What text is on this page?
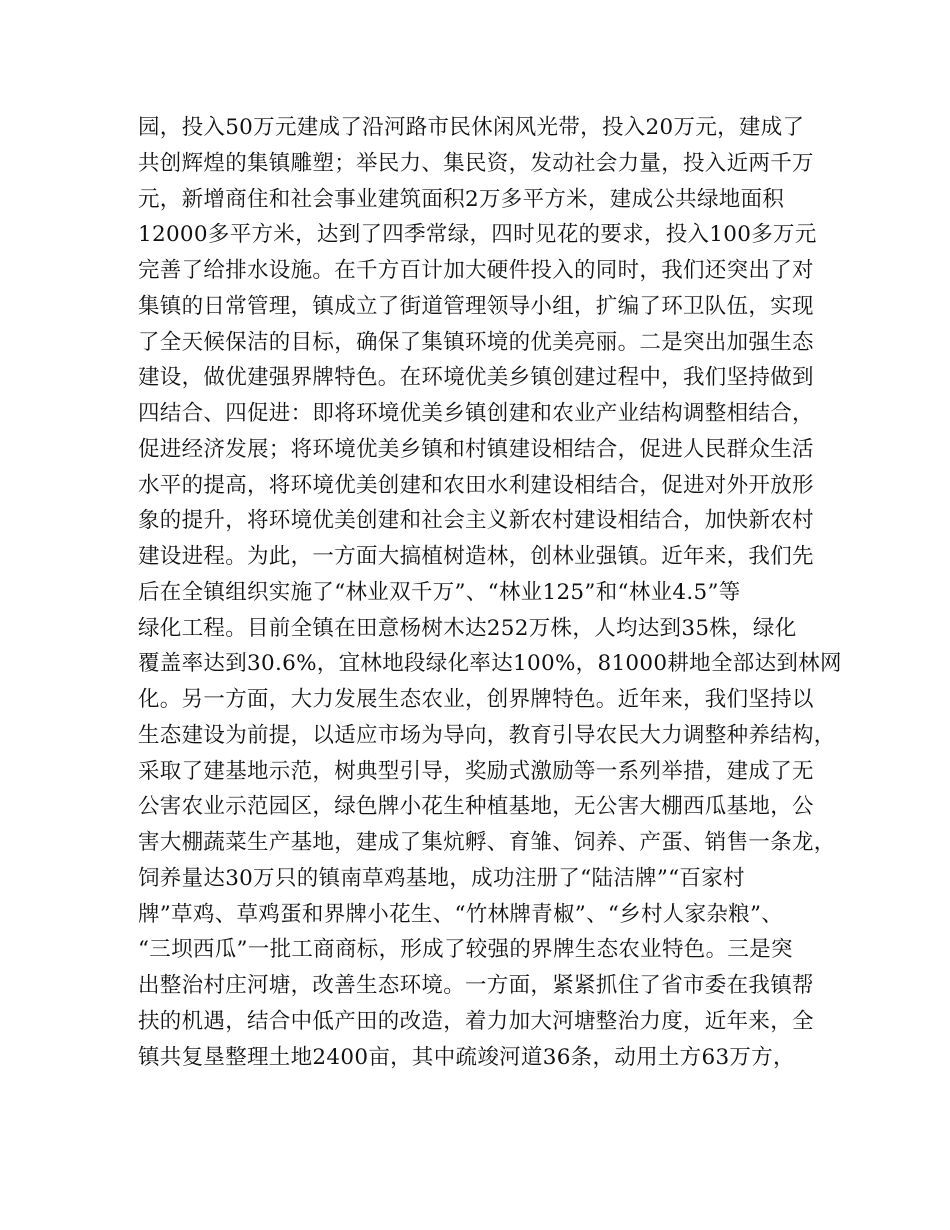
园，投入50万元建成了沿河路市民休闲风光带，投入20万元，建成了
共创辉煌的集镇雕塑；举民力、集民资，发动社会力量，投入近两千万
元，新增商住和社会事业建筑面积2万多平方米，建成公共绿地面积
12000多平方米，达到了四季常绿，四时见花的要求，投入100多万元
完善了给排水设施。在千方百计加大硬件投入的同时，我们还突出了对
集镇的日常管理，镇成立了街道管理领导小组，扩编了环卫队伍，实现
了全天候保洁的目标，确保了集镇环境的优美亮丽。二是突出加强生态
建设，做优建强界牌特色。在环境优美乡镇创建过程中，我们坚持做到
四结合、四促进：即将环境优美乡镇创建和农业产业结构调整相结合，
促进经济发展；将环境优美乡镇和村镇建设相结合，促进人民群众生活
水平的提高，将环境优美创建和农田水利建设相结合，促进对外开放形
象的提升，将环境优美创建和社会主义新农村建设相结合，加快新农村
建设进程。为此，一方面大搞植树造林，创林业强镇。近年来，我们先
后在全镇组织实施了“林业双千万”、“林业125”和“林业4.5”等
绿化工程。目前全镇在田意杨树木达252万株，人均达到35株，绿化
覆盖率达到30.6%，宜林地段绿化率达100%，81000耕地全部达到林网
化。另一方面，大力发展生态农业，创界牌特色。近年来，我们坚持以
生态建设为前提，以适应市场为导向，教育引导农民大力调整种养结构，
采取了建基地示范，树典型引导，奖励式激励等一系列举措，建成了无
公害农业示范园区，绿色牌小花生种植基地，无公害大棚西瓜基地，公
害大棚蔬菜生产基地，建成了集炕孵、育雏、饲养、产蛋、销售一条龙，
饲养量达30万只的镇南草鸡基地，成功注册了“陆洁牌”“百家村
牌”草鸡、草鸡蛋和界牌小花生、“竹林牌青椒”、“乡村人家杂粮”、
“三坝西瓜”一批工商商标，形成了较强的界牌生态农业特色。三是突
出整治村庄河塘，改善生态环境。一方面，紧紧抓住了省市委在我镇帮
扶的机遇，结合中低产田的改造，着力加大河塘整治力度，近年来，全
镇共复垦整理土地2400亩，其中疏竣河道36条，动用土方63万方，
